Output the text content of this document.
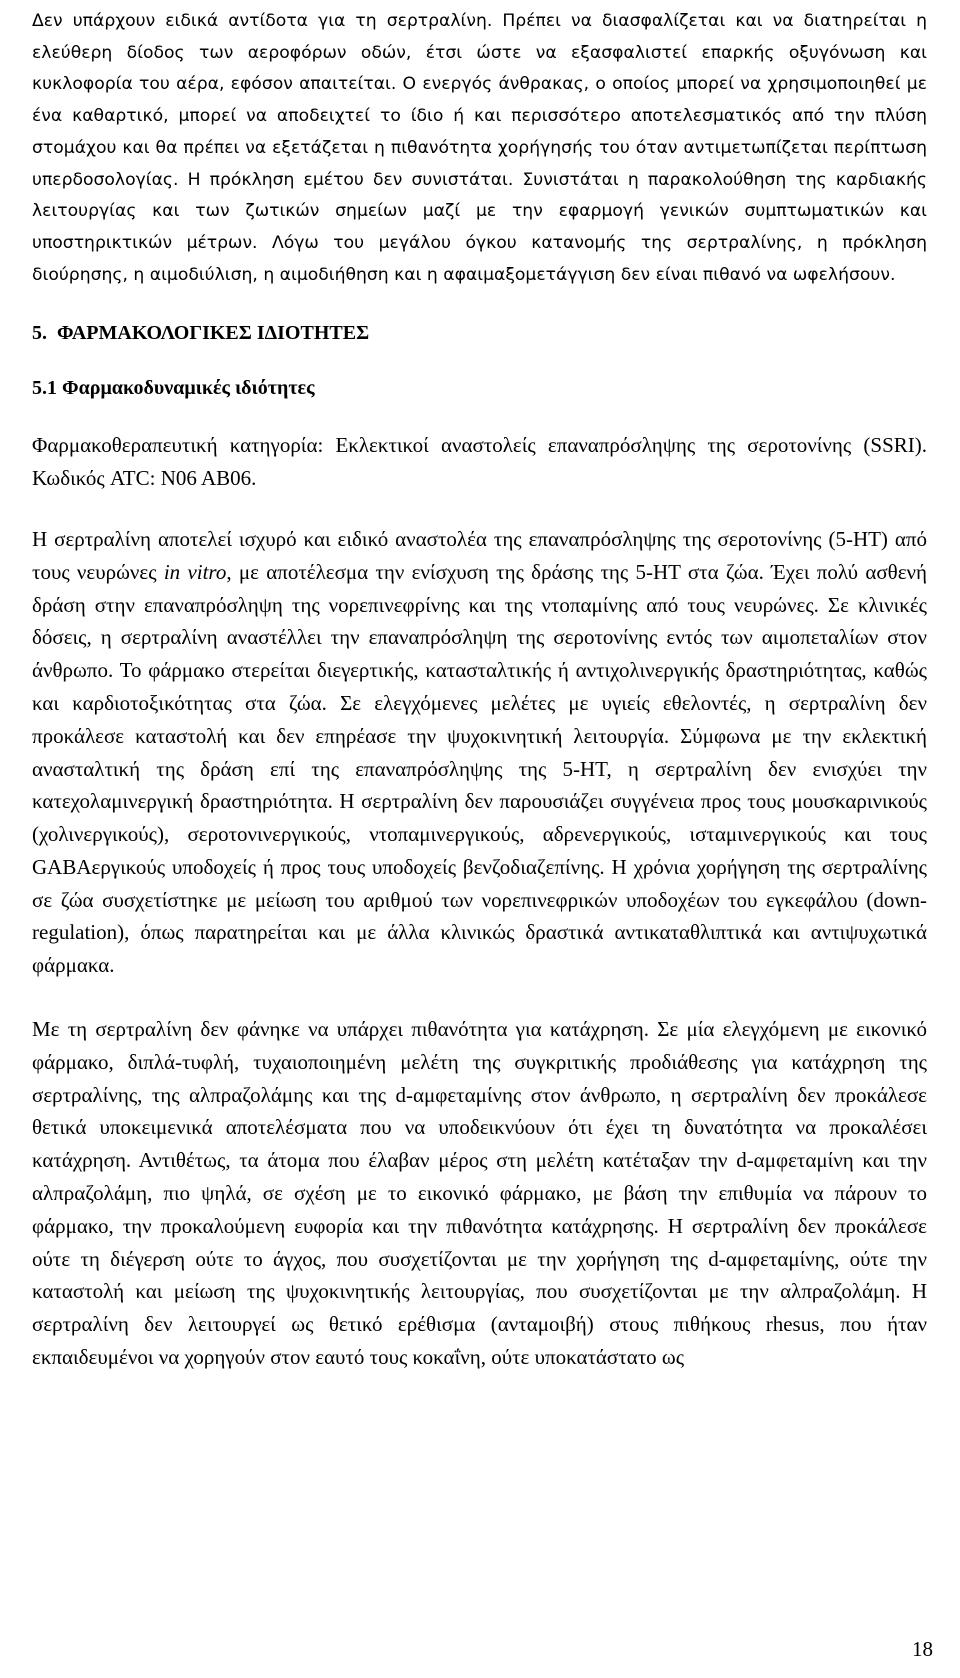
Δεν υπάρχουν ειδικά αντίδοτα για τη σερτραλίνη. Πρέπει να διασφαλίζεται και να διατηρείται η ελεύθερη δίοδος των αεροφόρων οδών, έτσι ώστε να εξασφαλιστεί επαρκής οξυγόνωση και κυκλοφορία του αέρα, εφόσον απαιτείται. Ο ενεργός άνθρακας, ο οποίος μπορεί να χρησιμοποιηθεί με ένα καθαρτικό, μπορεί να αποδειχτεί το ίδιο ή και περισσότερο αποτελεσματικός από την πλύση στομάχου και θα πρέπει να εξετάζεται η πιθανότητα χορήγησής του όταν αντιμετωπίζεται περίπτωση υπερδοσολογίας. Η πρόκληση εμέτου δεν συνιστάται. Συνιστάται η παρακολούθηση της καρδιακής λειτουργίας και των ζωτικών σημείων μαζί με την εφαρμογή γενικών συμπτωματικών και υποστηρικτικών μέτρων. Λόγω του μεγάλου όγκου κατανομής της σερτραλίνης, η πρόκληση διούρησης, η αιμοδιύλιση, η αιμοδιήθηση και η αφαιμαξομετάγγιση δεν είναι πιθανό να ωφελήσουν.

5.  ΦΑΡΜΑΚΟΛΟΓΙΚΕΣ ΙΔΙΟΤΗΤΕΣ
5.1 Φαρμακοδυναμικές ιδιότητες

Φαρμακοθεραπευτική κατηγορία: Εκλεκτικοί αναστολείς επαναπρόσληψης της σεροτονίνης (SSRI). Κωδικός ATC: N06 AB06.

Η σερτραλίνη αποτελεί ισχυρό και ειδικό αναστολέα της επαναπρόσληψης της σεροτονίνης (5-HT) από τους νευρώνες in vitro, με αποτέλεσμα την ενίσχυση της δράσης της 5-HT στα ζώα. Έχει πολύ ασθενή δράση στην επαναπρόσληψη της νορεπινεφρίνης και της ντοπαμίνης από τους νευρώνες. Σε κλινικές δόσεις, η σερτραλίνη αναστέλλει την επαναπρόσληψη της σεροτονίνης εντός των αιμοπεταλίων στον άνθρωπο. Το φάρμακο στερείται διεγερτικής, κατασταλτικής ή αντιχολινεργικής δραστηριότητας, καθώς και καρδιοτοξικότητας στα ζώα. Σε ελεγχόμενες μελέτες με υγιείς εθελοντές, η σερτραλίνη δεν προκάλεσε καταστολή και δεν επηρέασε την ψυχοκινητική λειτουργία. Σύμφωνα με την εκλεκτική ανασταλτική της δράση επί της επαναπρόσληψης της 5-HT, η σερτραλίνη δεν ενισχύει την κατεχολαμινεργική δραστηριότητα. Η σερτραλίνη δεν παρουσιάζει συγγένεια προς τους μουσκαρινικούς (χολινεργικούς), σεροτονινεργικούς, ντοπαμινεργικούς, αδρενεργικούς, ισταμινεργικούς και τους GABAεργικούς υποδοχείς ή προς τους υποδοχείς βενζοδιαζεπίνης. Η χρόνια χορήγηση της σερτραλίνης σε ζώα συσχετίστηκε με μείωση του αριθμού των νορεπινεφρικών υποδοχέων του εγκεφάλου (down-regulation), όπως παρατηρείται και με άλλα κλινικώς δραστικά αντικαταθλιπτικά και αντιψυχωτικά φάρμακα.

Με τη σερτραλίνη δεν φάνηκε να υπάρχει πιθανότητα για κατάχρηση. Σε μία ελεγχόμενη με εικονικό φάρμακο, διπλά-τυφλή, τυχαιοποιημένη μελέτη της συγκριτικής προδιάθεσης για κατάχρηση της σερτραλίνης, της αλπραζολάμης και της d-αμφεταμίνης στον άνθρωπο, η σερτραλίνη δεν προκάλεσε θετικά υποκειμενικά αποτελέσματα που να υποδεικνύουν ότι έχει τη δυνατότητα να προκαλέσει κατάχρηση. Αντιθέτως, τα άτομα που έλαβαν μέρος στη μελέτη κατέταξαν την d-αμφεταμίνη και την αλπραζολάμη, πιο ψηλά, σε σχέση με το εικονικό φάρμακο, με βάση την επιθυμία να πάρουν το φάρμακο, την προκαλούμενη ευφορία και την πιθανότητα κατάχρησης. Η σερτραλίνη δεν προκάλεσε ούτε τη διέγερση ούτε το άγχος, που συσχετίζονται με την χορήγηση της d-αμφεταμίνης, ούτε την καταστολή και μείωση της ψυχοκινητικής λειτουργίας, που συσχετίζονται με την αλπραζολάμη. Η σερτραλίνη δεν λειτουργεί ως θετικό ερέθισμα (ανταμοιβή) στους πιθήκους rhesus, που ήταν εκπαιδευμένοι να χορηγούν στον εαυτό τους κοκαΐνη, ούτε υποκατάστατο ως

18
